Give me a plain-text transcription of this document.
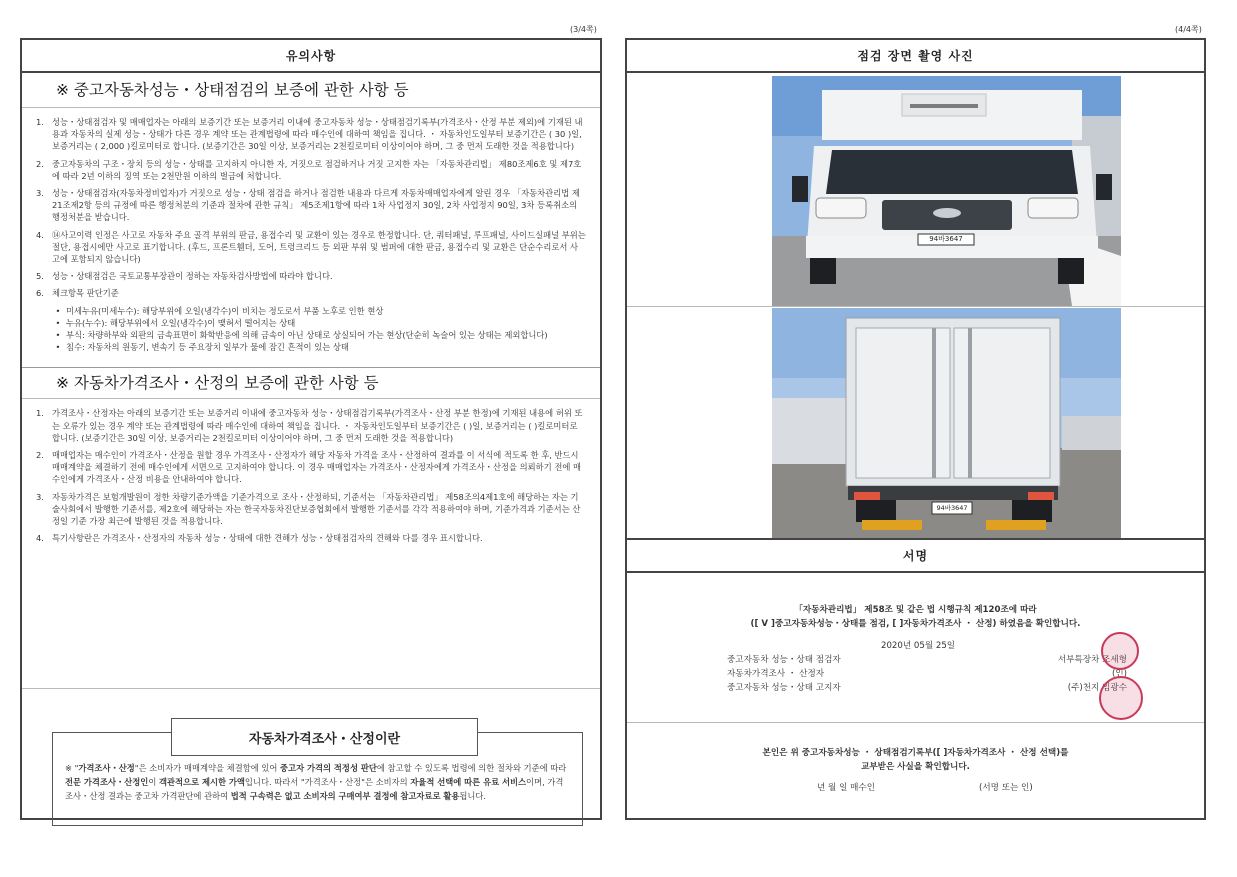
(3/4쪽)	(4/4쪽)
유의사항
※ 중고자동차성능・상태점검의 보증에 관한 사항 등
1. 성능・상태점검자 및 매매업자는 아래의 보증기간 또는 보증거리 이내에 중고자동차 성능・상태점검기록부(가격조사・산정 부분 제외)에 기재된 내용과 자동차의 실제 성능・상태가 다른 경우 계약 또는 관계법령에 따라 매수인에 대하여 책임을 집니다. ・ 자동차인도일부터 보증기간은 ( 30 )일, 보증거리는 ( 2,000 )킬로미터로 합니다. (보증기간은 30일 이상, 보증거리는 2천킬로미터 이상이어야 하며, 그 중 먼저 도래한 것을 적용합니다)
2. 중고자동차의 구조・장치 등의 성능・상태를 고지하지 아니한 자, 거짓으로 점검하거나 거짓 고지한 자는 「자동차관리법」 제80조제6호 및 제7호에 따라 2년 이하의 징역 또는 2천만원 이하의 벌금에 처합니다.
3. 성능・상태점검자(자동차정비업자)가 거짓으로 성능・상태 점검을 하거나 점검한 내용과 다르게 자동차매매업자에게 알린 경우 「자동차관리법 제21조제2항 등의 규정에 따른 행정처분의 기준과 절차에 관한 규칙」 제5조제1항에 따라 1차 사업정지 30일, 2차 사업정지 90일, 3차 등록취소의 행정처분을 받습니다.
4. ⑭사고이력 인정은 사고로 자동차 주요 골격 부위의 판금, 용접수리 및 교환이 있는 경우로 한정합니다. 단, 쿼터패널, 루프패널, 사이드실패널 부위는 절단, 용접시에만 사고로 표기합니다. (후드, 프론트휀더, 도어, 트렁크리드 등 외판 부위 및 범퍼에 대한 판금, 용접수리 및 교환은 단순수리로서 사고에 포함되지 않습니다)
5. 성능・상태점검은 국토교통부장관이 정하는 자동차검사방법에 따라야 합니다.
6. 체크항목 판단기준
• 미세누유(미세누수): 해당부위에 오일(냉각수)이 비치는 정도로서 부품 노후로 인한 현상
• 누유(누수): 해당부위에서 오일(냉각수)이 맺혀서 떨어지는 상태
• 부식: 차량하부와 외판의 금속표면이 화학반응에 의해 금속이 아닌 상태로 상실되어 가는 현상(단순히 녹슬어 있는 상태는 제외합니다)
• 침수: 자동차의 원동기, 변속기 등 주요장치 일부가 물에 잠긴 흔적이 있는 상태
※ 자동차가격조사・산정의 보증에 관한 사항 등
1. 가격조사・산정자는 아래의 보증기간 또는 보증거리 이내에 중고자동차 성능・상태점검기록부(가격조사・산정 부분 한정)에 기재된 내용에 허위 또는 오류가 있는 경우 계약 또는 관계법령에 따라 매수인에 대하여 책임을 집니다. ・ 자동차인도일부터 보증기간은 ( )일, 보증거리는 ( )킬로미터로 합니다. (보증기간은 30일 이상, 보증거리는 2천킬로미터 이상이어야 하며, 그 중 먼저 도래한 것을 적용합니다)
2. 매매업자는 매수인이 가격조사・산정을 원할 경우 가격조사・산정자가 해당 자동차 가격을 조사・산정하여 결과를 이 서식에 적도록 한 후, 반드시 매매계약을 체결하기 전에 매수인에게 서면으로 고지하여야 합니다. 이 경우 매매업자는 가격조사・산정자에게 가격조사・산정을 의뢰하기 전에 매수인에게 가격조사・산정 비용을 안내하여야 합니다.
3. 자동차가격은 보험개발원이 정한 차량기준가액을 기준가격으로 조사・산정하되, 기준서는 「자동차관리법」 제58조의4제1호에 해당하는 자는 기술사회에서 발행한 기준서를, 제2호에 해당하는 자는 한국자동차진단보증협회에서 발행한 기준서를 각각 적용하여야 하며, 기준가격과 기준서는 산정일 기준 가장 최근에 발행된 것을 적용합니다.
4. 특기사항란은 가격조사・산정자의 자동차 성능・상태에 대한 견해가 성능・상태점검자의 견해와 다를 경우 표시합니다.
자동차가격조사・산정이란
※ "가격조사・산정"은 소비자가 매매계약을 체결함에 있어 중고자 가격의 적정성 판단에 참고할 수 있도록 법령에 의한 절차와 기준에 따라 전문 가격조사・산정인이 객관적으로 제시한 가액입니다. 따라서 "가격조사・산정"은 소비자의 자율적 선택에 따른 유료 서비스이며, 가격조사・산정 결과는 중고차 가격판단에 관하여 법적 구속력은 없고 소비자의 구매여부 결정에 참고자료로 활용됩니다.
점검 장면 촬영 사진
94바3647
94바3647
서명
「자동차관리법」 제58조 및 같은 법 시행규칙 제120조에 따라
([ V ]중고자동차성능・상태를 점검, [ ]자동차가격조사 ・ 산정) 하였음을 확인합니다.
2020년 05월 25일
중고자동차 성능・상태 점검자	서부특장차 조세형
자동차가격조사 ・ 산정자	(인)
중고자동차 성능・상태 고지자	(주)천지 임광수
본인은 위 중고자동차성능 ・ 상태점검기록부([ ]자동차가격조사 ・ 산정 선택)를
교부받은 사실을 확인합니다.
년 월 일 매수인	(서명 또는 인)
